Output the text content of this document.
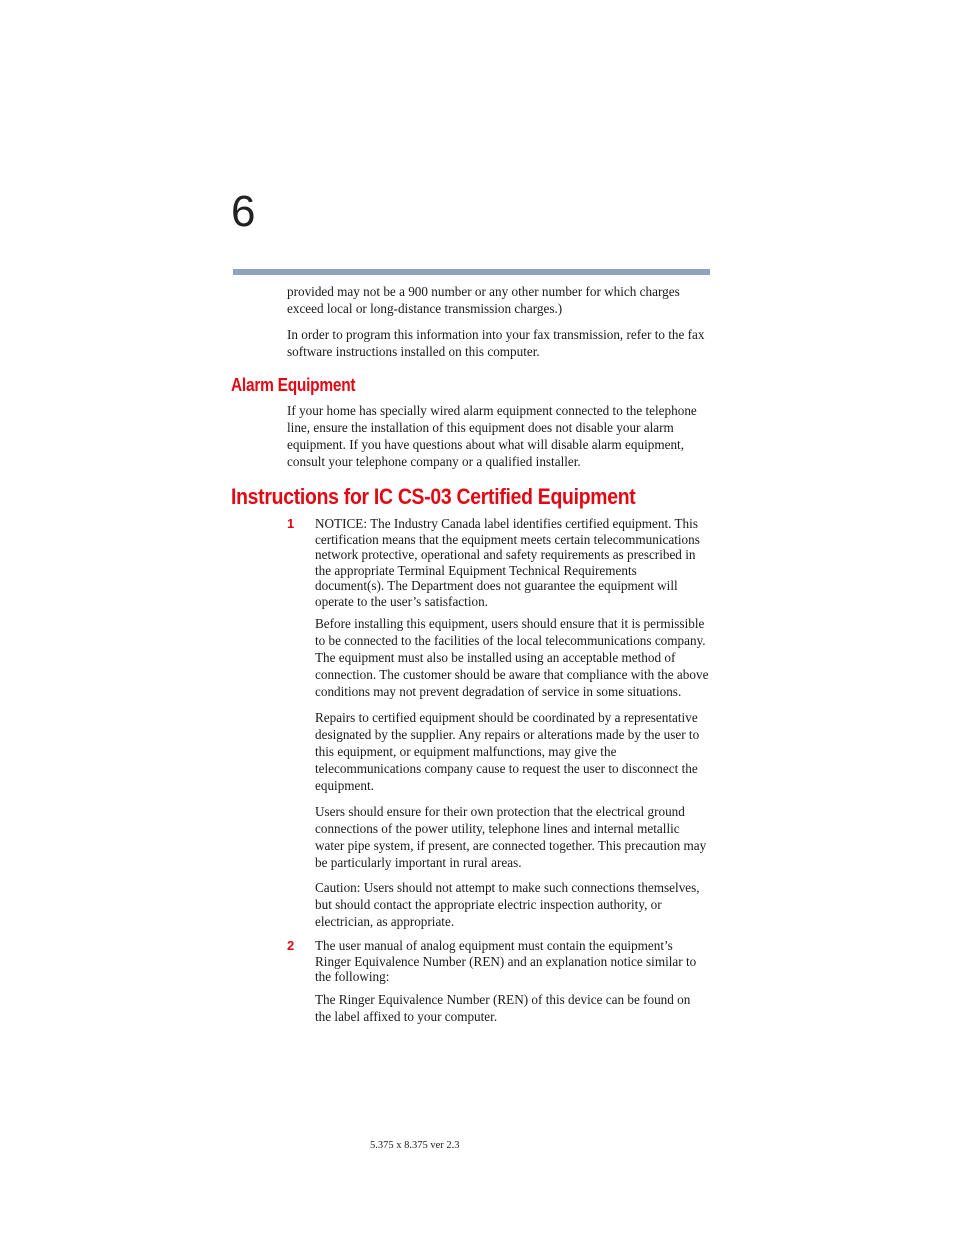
6

provided may not be a 900 number or any other number for which charges exceed local or long-distance transmission charges.)

In order to program this information into your fax transmission, refer to the fax software instructions installed on this computer.

Alarm Equipment

If your home has specially wired alarm equipment connected to the telephone line, ensure the installation of this equipment does not disable your alarm equipment. If you have questions about what will disable alarm equipment, consult your telephone company or a qualified installer.

Instructions for IC CS-03 Certified Equipment
1 NOTICE: The Industry Canada label identifies certified equipment. This certification means that the equipment meets certain telecommunications network protective, operational and safety requirements as prescribed in the appropriate Terminal Equipment Technical Requirements document(s). The Department does not guarantee the equipment will operate to the user’s satisfaction.

Before installing this equipment, users should ensure that it is permissible to be connected to the facilities of the local telecommunications company. The equipment must also be installed using an acceptable method of connection. The customer should be aware that compliance with the above conditions may not prevent degradation of service in some situations.

Repairs to certified equipment should be coordinated by a representative designated by the supplier. Any repairs or alterations made by the user to this equipment, or equipment malfunctions, may give the telecommunications company cause to request the user to disconnect the equipment.

Users should ensure for their own protection that the electrical ground connections of the power utility, telephone lines and internal metallic water pipe system, if present, are connected together. This precaution may be particularly important in rural areas.

Caution: Users should not attempt to make such connections themselves, but should contact the appropriate electric inspection authority, or electrician, as appropriate.

2 The user manual of analog equipment must contain the equipment’s Ringer Equivalence Number (REN) and an explanation notice similar to the following:

The Ringer Equivalence Number (REN) of this device can be found on the label affixed to your computer.

5.375 x 8.375 ver 2.3
